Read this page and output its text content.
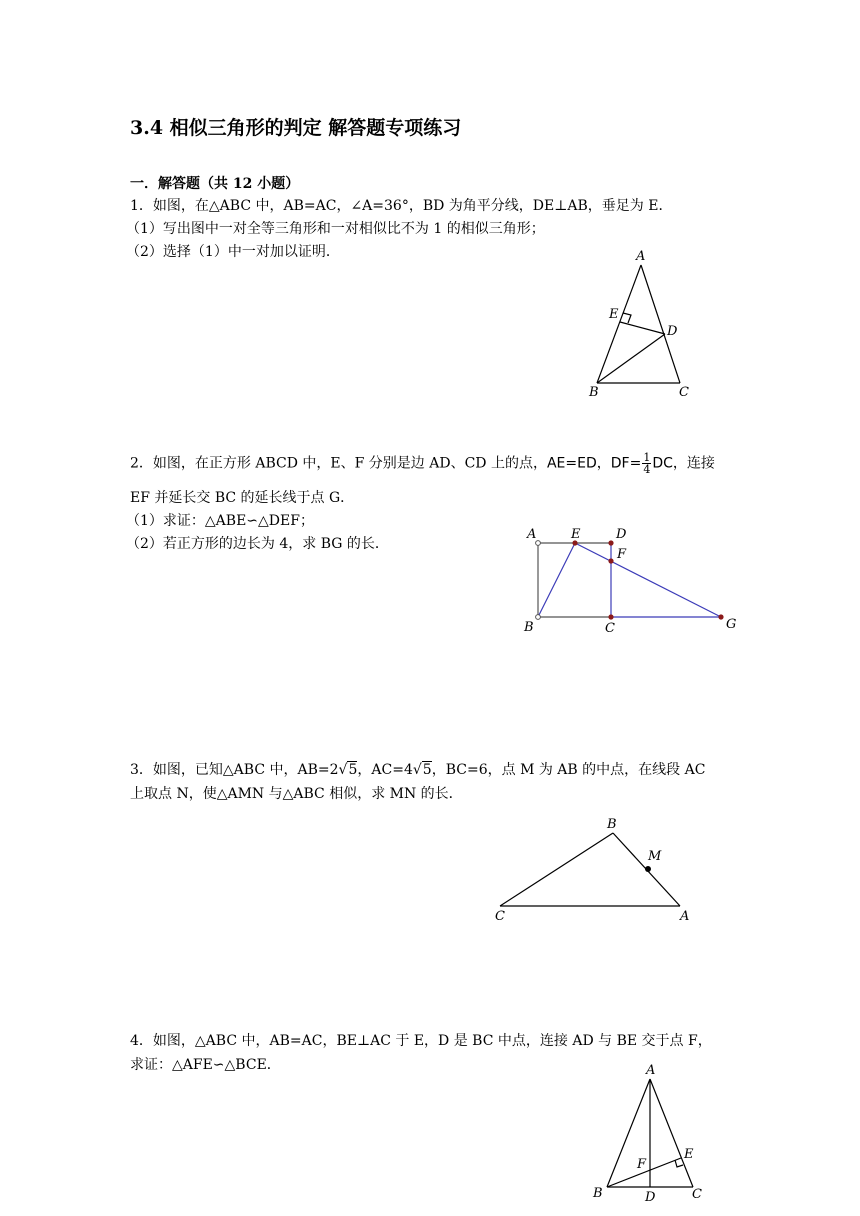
3.4 相似三角形的判定 解答题专项练习
一．解答题（共 12 小题）
1．如图，在△ABC 中，AB=AC，∠A=36°，BD 为角平分线，DE⊥AB，垂足为 E．
（1）写出图中一对全等三角形和一对相似比不为 1 的相似三角形；
（2）选择（1）中一对加以证明．	A
E
D
B	C
2．如图，在正方形 ABCD 中，E、F 分别是边 AD、CD 上的点，AE=ED，$DF= \frac{1}{4}$ DC，连接
EF 并延长交 BC 的延长线于点 G．
（1）求证：△ABE∽△DEF；
（2）若正方形的边长为 4，求 BG 的长．
A	E	D
F
B	C	G
3．如图，已知△ABC 中，AB=2√5，AC=4√5，BC=6，点 M 为 AB 的中点，在线段 AC
上取点 N，使△AMN 与△ABC 相似，求 MN 的长．
B
M
C	A
4．如图，△ABC 中，AB=AC，BE⊥AC 于 E，D 是 BC 中点，连接 AD 与 BE 交于点 F，
求证：△AFE∽△BCE．	A
E
F
B	D	C
